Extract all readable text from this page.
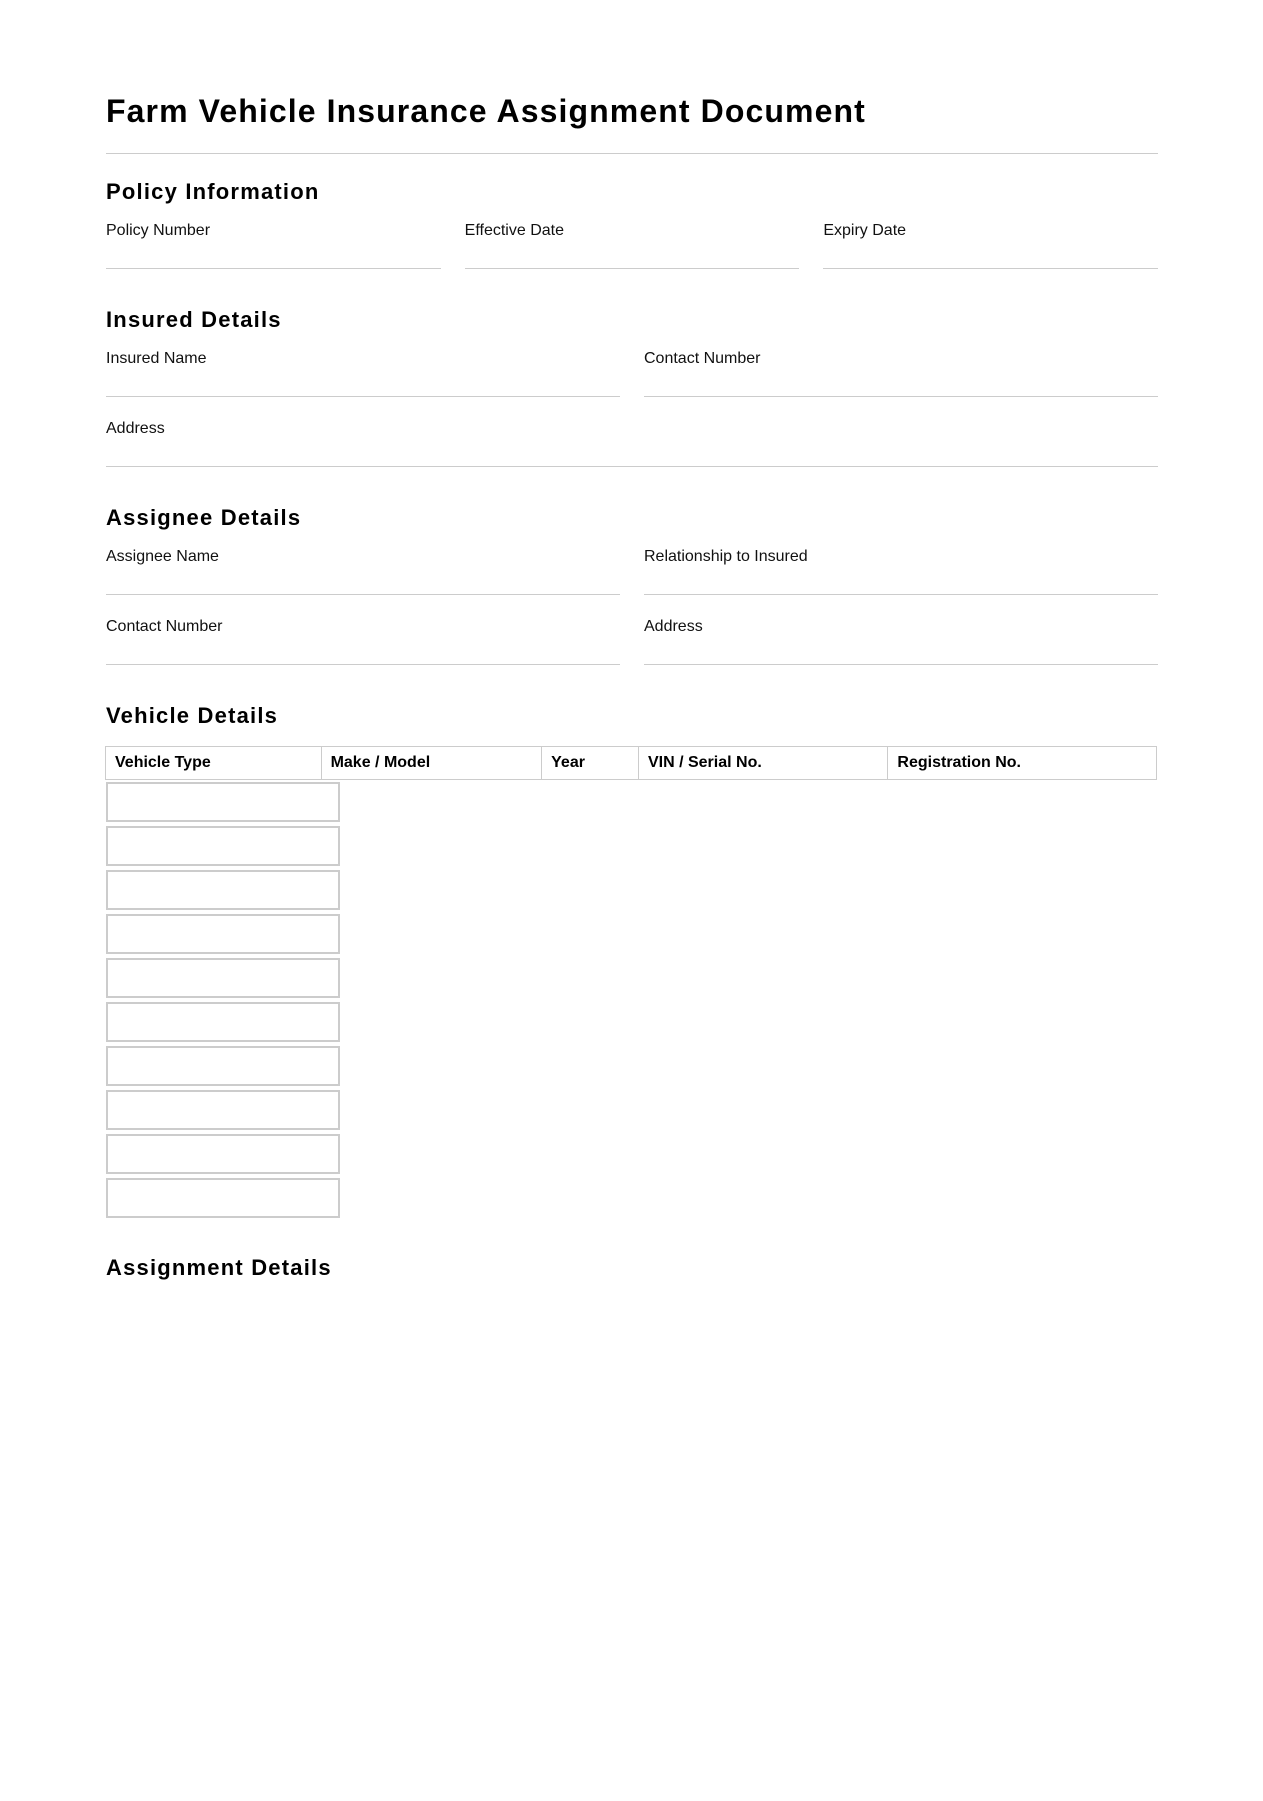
Farm Vehicle Insurance Assignment Document
Policy Information
Policy Number	Effective Date	Expiry Date
Insured Details
Insured Name	Contact Number
Address
Assignee Details
Assignee Name	Relationship to Insured
Contact Number	Address
Vehicle Details
Vehicle Type	Make / Model	Year	VIN / Serial No.	Registration No.
Assignment Details
